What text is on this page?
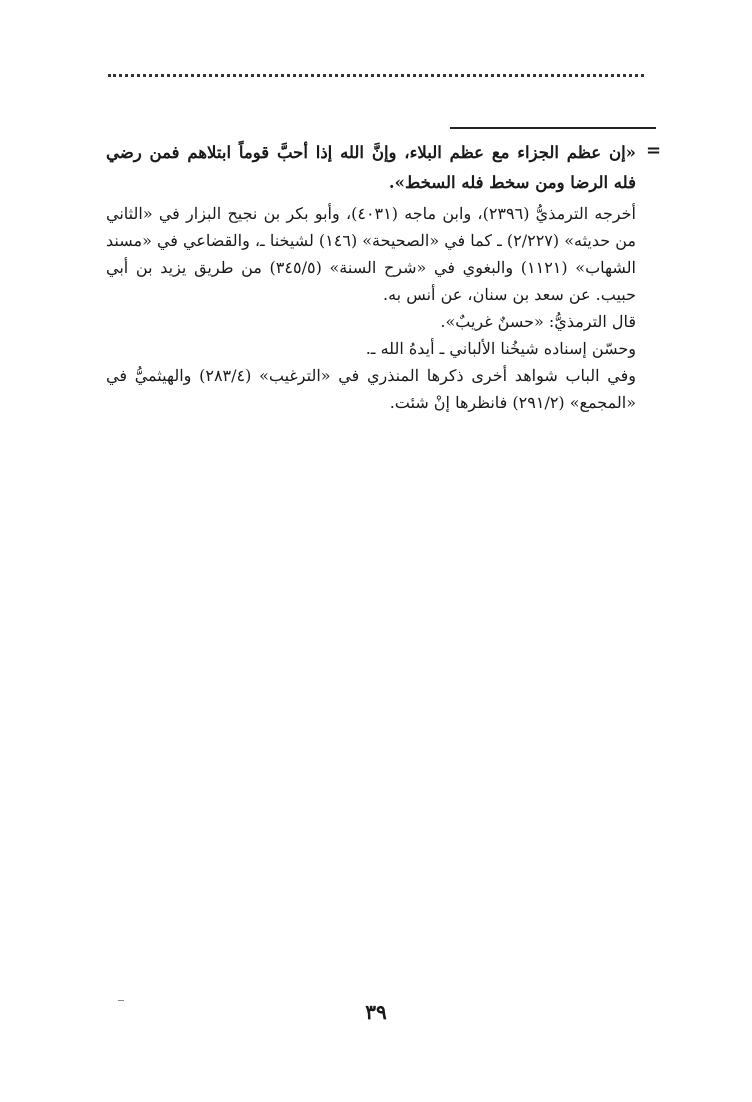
=

«إن عظم الجزاء مع عظم البلاء، وإنَّ الله إذا أحبَّ قوماً ابتلاهم فمن رضي فله الرضا ومن سخط فله السخط».

أخرجه الترمذيُّ (٢٣٩٦)، وابن ماجه (٤٠٣١)، وأبو بكر بن نجيح البزار في «الثاني من حديثه» (٢/٢٢٧) ـ كما في «الصحيحة» (١٤٦) لشيخنا ـ، والقضاعي في «مسند الشهاب» (١١٢١) والبغوي في «شرح السنة» (٣٤٥/٥) من طريق يزيد بن أبي حبيب. عن سعد بن سنان، عن أنس به.

قال الترمذيُّ: «حسنٌ غريبٌ».

وحسّن إسناده شيخُنا الألباني ـ أيدهُ الله ـ.

وفي الباب شواهد أخرى ذكرها المنذري في «الترغيب» (٢٨٣/٤) والهيثميُّ في «المجمع» (٢٩١/٢) فانظرها إنْ شئت.

٣٩
